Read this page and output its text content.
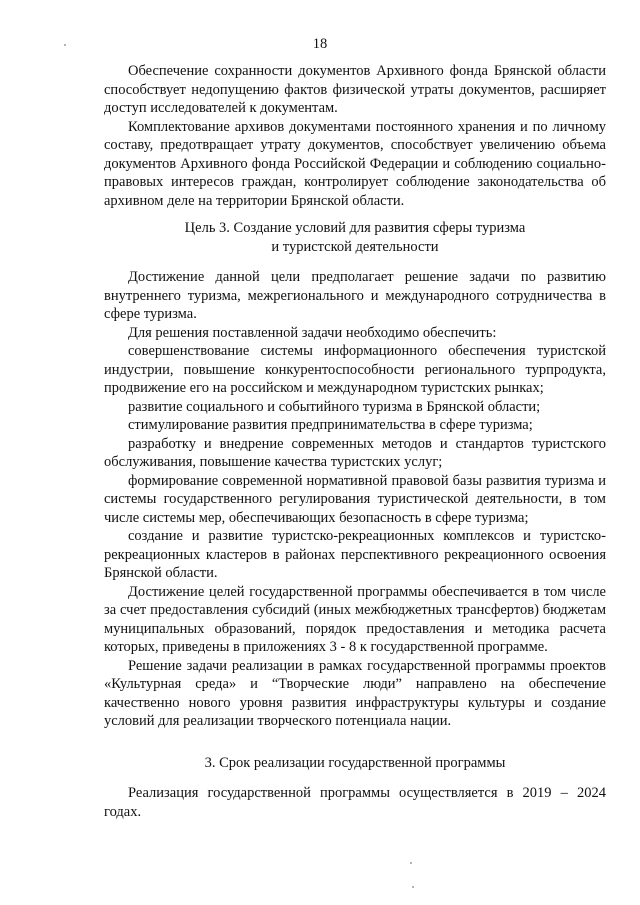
18

Обеспечение сохранности документов Архивного фонда Брянской области способствует недопущению фактов физической утраты документов, расширяет доступ исследователей к документам.

Комплектование архивов документами постоянного хранения и по личному составу, предотвращает утрату документов, способствует увеличению объема документов Архивного фонда Российской Федерации и соблюдению социально-правовых интересов граждан, контролирует соблюдение законодательства об архивном деле на территории Брянской области.

Цель 3. Создание условий для развития сферы туризма
и туристской деятельности

Достижение данной цели предполагает решение задачи по развитию внутреннего туризма, межрегионального и международного сотрудничества в сфере туризма.

Для решения поставленной задачи необходимо обеспечить:

совершенствование системы информационного обеспечения туристской индустрии, повышение конкурентоспособности регионального турпродукта, продвижение его на российском и международном туристских рынках;

развитие социального и событийного туризма в Брянской области;

стимулирование развития предпринимательства в сфере туризма;

разработку и внедрение современных методов и стандартов туристского обслуживания, повышение качества туристских услуг;

формирование современной нормативной правовой базы развития туризма и системы государственного регулирования туристической деятельности, в том числе системы мер, обеспечивающих безопасность в сфере туризма;

создание и развитие туристско-рекреационных комплексов и туристско-рекреационных кластеров в районах перспективного рекреационного освоения Брянской области.

Достижение целей государственной программы обеспечивается в том числе за счет предоставления субсидий (иных межбюджетных трансфертов) бюджетам муниципальных образований, порядок предоставления и методика расчета которых, приведены в приложениях 3 - 8 к государственной программе.

Решение задачи реализации в рамках государственной программы проектов «Культурная среда» и “Творческие люди” направлено на обеспечение качественно нового уровня развития инфраструктуры культуры и создание условий для реализации творческого потенциала нации.

3. Срок реализации государственной программы

Реализация государственной программы осуществляется в 2019 – 2024 годах.
